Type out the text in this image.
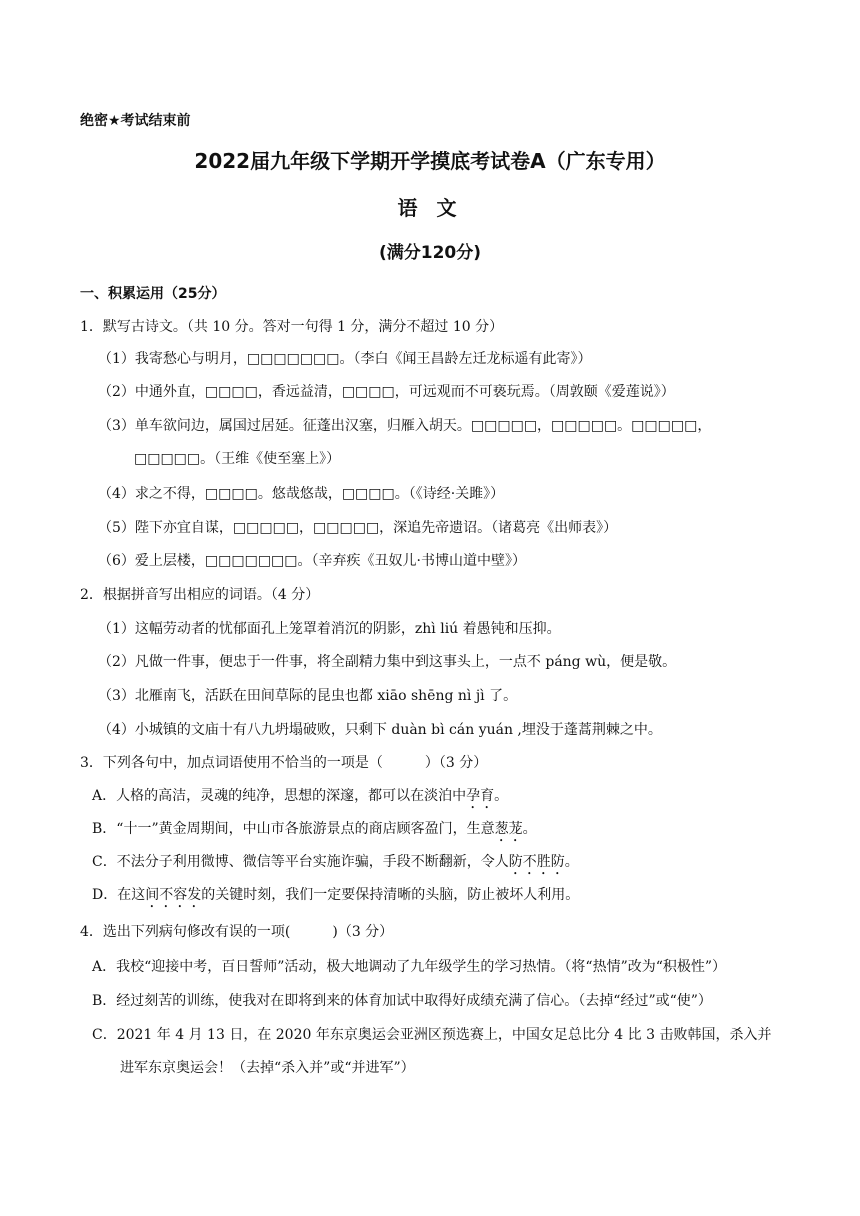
绝密★考试结束前
2022届九年级下学期开学摸底考试卷A（广东专用）
语 文
(满分120分)
一、积累运用（25分）
1．默写古诗文。（共 10 分。答对一句得 1 分，满分不超过 10 分）
（1）我寄愁心与明月，□□□□□□□。（李白《闻王昌龄左迁龙标遥有此寄》）
（2）中通外直，□□□□，香远益清，□□□□，可远观而不可亵玩焉。（周敦颐《爱莲说》）
（3）单车欲问边，属国过居延。征蓬出汉塞，归雁入胡天。□□□□□，□□□□□。□□□□□，
□□□□□。（王维《使至塞上》）
（4）求之不得，□□□□。悠哉悠哉，□□□□。（《诗经·关雎》）
（5）陛下亦宜自谋，□□□□□，□□□□□，深追先帝遗诏。（诸葛亮《出师表》）
（6）爱上层楼，□□□□□□□。（辛弃疾《丑奴儿·书博山道中壁》）
2．根据拼音写出相应的词语。（4 分）
（1）这幅劳动者的忧郁面孔上笼罩着消沉的阴影，zhì liú 着愚钝和压抑。
（2）凡做一件事，便忠于一件事，将全副精力集中到这事头上，一点不 páng wù，便是敬。
（3）北雁南飞，活跃在田间草际的昆虫也都 xiāo shēng nì jì 了。
（4）小城镇的文庙十有八九坍塌破败，只剩下 duàn bì cán yuán ,埋没于蓬蒿荆棘之中。
3．下列各句中，加点词语使用不恰当的一项是（　　　）（3 分）
A．人格的高洁，灵魂的纯净，思想的深邃，都可以在淡泊中孕育。
B．“十一”黄金周期间，中山市各旅游景点的商店顾客盈门，生意葱茏。
C．不法分子利用微博、微信等平台实施诈骗，手段不断翻新，令人防不胜防。
D．在这间不容发的关键时刻，我们一定要保持清晰的头脑，防止被坏人利用。
4．选出下列病句修改有误的一项(　　　)（3 分）
A．我校“迎接中考，百日誓师”活动，极大地调动了九年级学生的学习热情。（将“热情”改为“积极性”）
B．经过刻苦的训练，使我对在即将到来的体育加试中取得好成绩充满了信心。（去掉“经过”或“使”）
C．2021 年 4 月 13 日，在 2020 年东京奥运会亚洲区预选赛上，中国女足总比分 4 比 3 击败韩国，杀入并
进军东京奥运会！（去掉“杀入并”或“并进军”）
